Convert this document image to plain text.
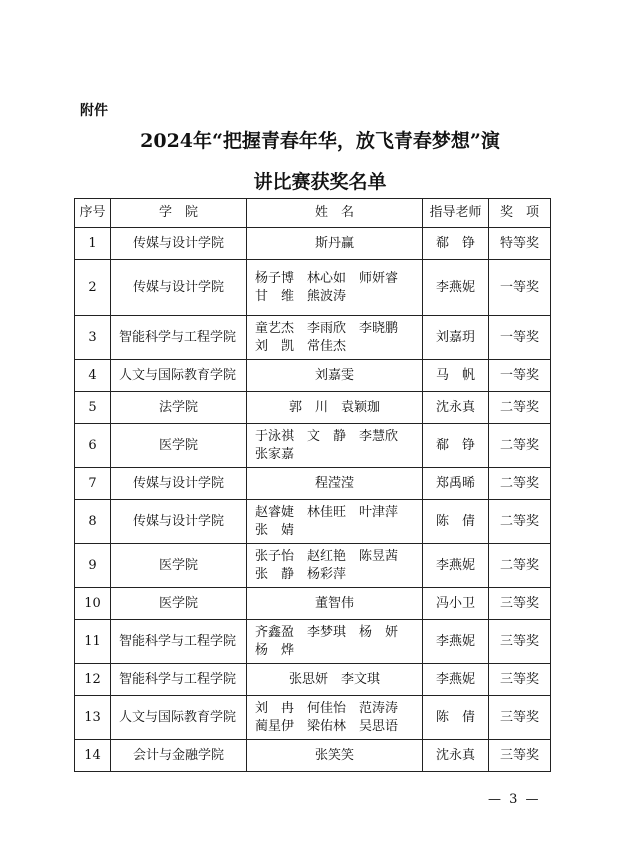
附件
2024年“把握青春年华，放飞青春梦想”演
讲比赛获奖名单
序号	学　院	姓　名	指导老师	奖　项
1	传媒与设计学院	斯丹赢	郗　铮	特等奖
2	传媒与设计学院	杨子博　林心如　师妍睿
甘　维　熊波涛	李燕妮	一等奖
3	智能科学与工程学院	童艺杰　李雨欣　李晓鹏
刘　凯　常佳杰	刘嘉玥	一等奖
4	人文与国际教育学院	刘嘉雯	马　帆	一等奖
5	法学院	郭　川　袁颖珈	沈永真	二等奖
6	医学院	于泳祺　文　静　李慧欣
张家嘉	郗　铮	二等奖
7	传媒与设计学院	程滢滢	郑禹晞	二等奖
8	传媒与设计学院	赵睿婕　林佳旺　叶津萍
张　婧	陈　倩	二等奖
9	医学院	张子怡　赵红艳　陈昱茜
张　静　杨彩萍	李燕妮	二等奖
10	医学院	董智伟	冯小卫	三等奖
11	智能科学与工程学院	齐鑫盈　李梦琪　杨　妍
杨　烨	李燕妮	三等奖
12	智能科学与工程学院	张思妍　李文琪	李燕妮	三等奖
13	人文与国际教育学院	刘　冉　何佳怡　范涛涛
蔺星伊　梁佑林　吴思语	陈　倩	三等奖
14	会计与金融学院	张笑笑	沈永真	三等奖
— 3 —
